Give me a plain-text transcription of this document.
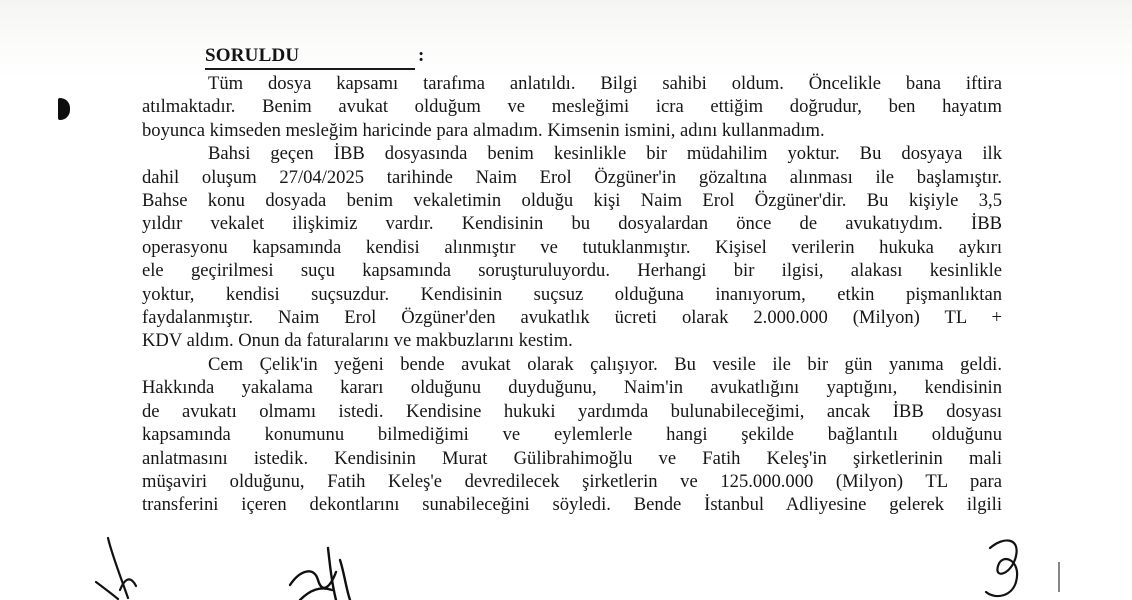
SORULDU	:
Tüm dosya kapsamı tarafıma anlatıldı. Bilgi sahibi oldum. Öncelikle bana iftira
atılmaktadır. Benim avukat olduğum ve mesleğimi icra ettiğim doğrudur, ben hayatım
boyunca kimseden mesleğim haricinde para almadım. Kimsenin ismini, adını kullanmadım.
Bahsi geçen İBB dosyasında benim kesinlikle bir müdahilim yoktur. Bu dosyaya ilk
dahil oluşum 27/04/2025 tarihinde Naim Erol Özgüner'in gözaltına alınması ile başlamıştır.
Bahse konu dosyada benim vekaletimin olduğu kişi Naim Erol Özgüner'dir. Bu kişiyle 3,5
yıldır vekalet ilişkimiz vardır. Kendisinin bu dosyalardan önce de avukatıydım. İBB
operasyonu kapsamında kendisi alınmıştır ve tutuklanmıştır. Kişisel verilerin hukuka aykırı
ele geçirilmesi suçu kapsamında soruşturuluyordu. Herhangi bir ilgisi, alakası kesinlikle
yoktur, kendisi suçsuzdur. Kendisinin suçsuz olduğuna inanıyorum, etkin pişmanlıktan
faydalanmıştır. Naim Erol Özgüner'den avukatlık ücreti olarak 2.000.000 (Milyon) TL +
KDV aldım. Onun da faturalarını ve makbuzlarını kestim.
Cem Çelik'in yeğeni bende avukat olarak çalışıyor. Bu vesile ile bir gün yanıma geldi.
Hakkında yakalama kararı olduğunu duyduğunu, Naim'in avukatlığını yaptığını, kendisinin
de avukatı olmamı istedi. Kendisine hukuki yardımda bulunabileceğimi, ancak İBB dosyası
kapsamında konumunu bilmediğimi ve eylemlerle hangi şekilde bağlantılı olduğunu
anlatmasını istedik. Kendisinin Murat Gülibrahimoğlu ve Fatih Keleş'in şirketlerinin mali
müşaviri olduğunu, Fatih Keleş'e devredilecek şirketlerin ve 125.000.000 (Milyon) TL para
transferini içeren dekontlarını sunabileceğini söyledi. Bende İstanbul Adliyesine gelerek ilgili
